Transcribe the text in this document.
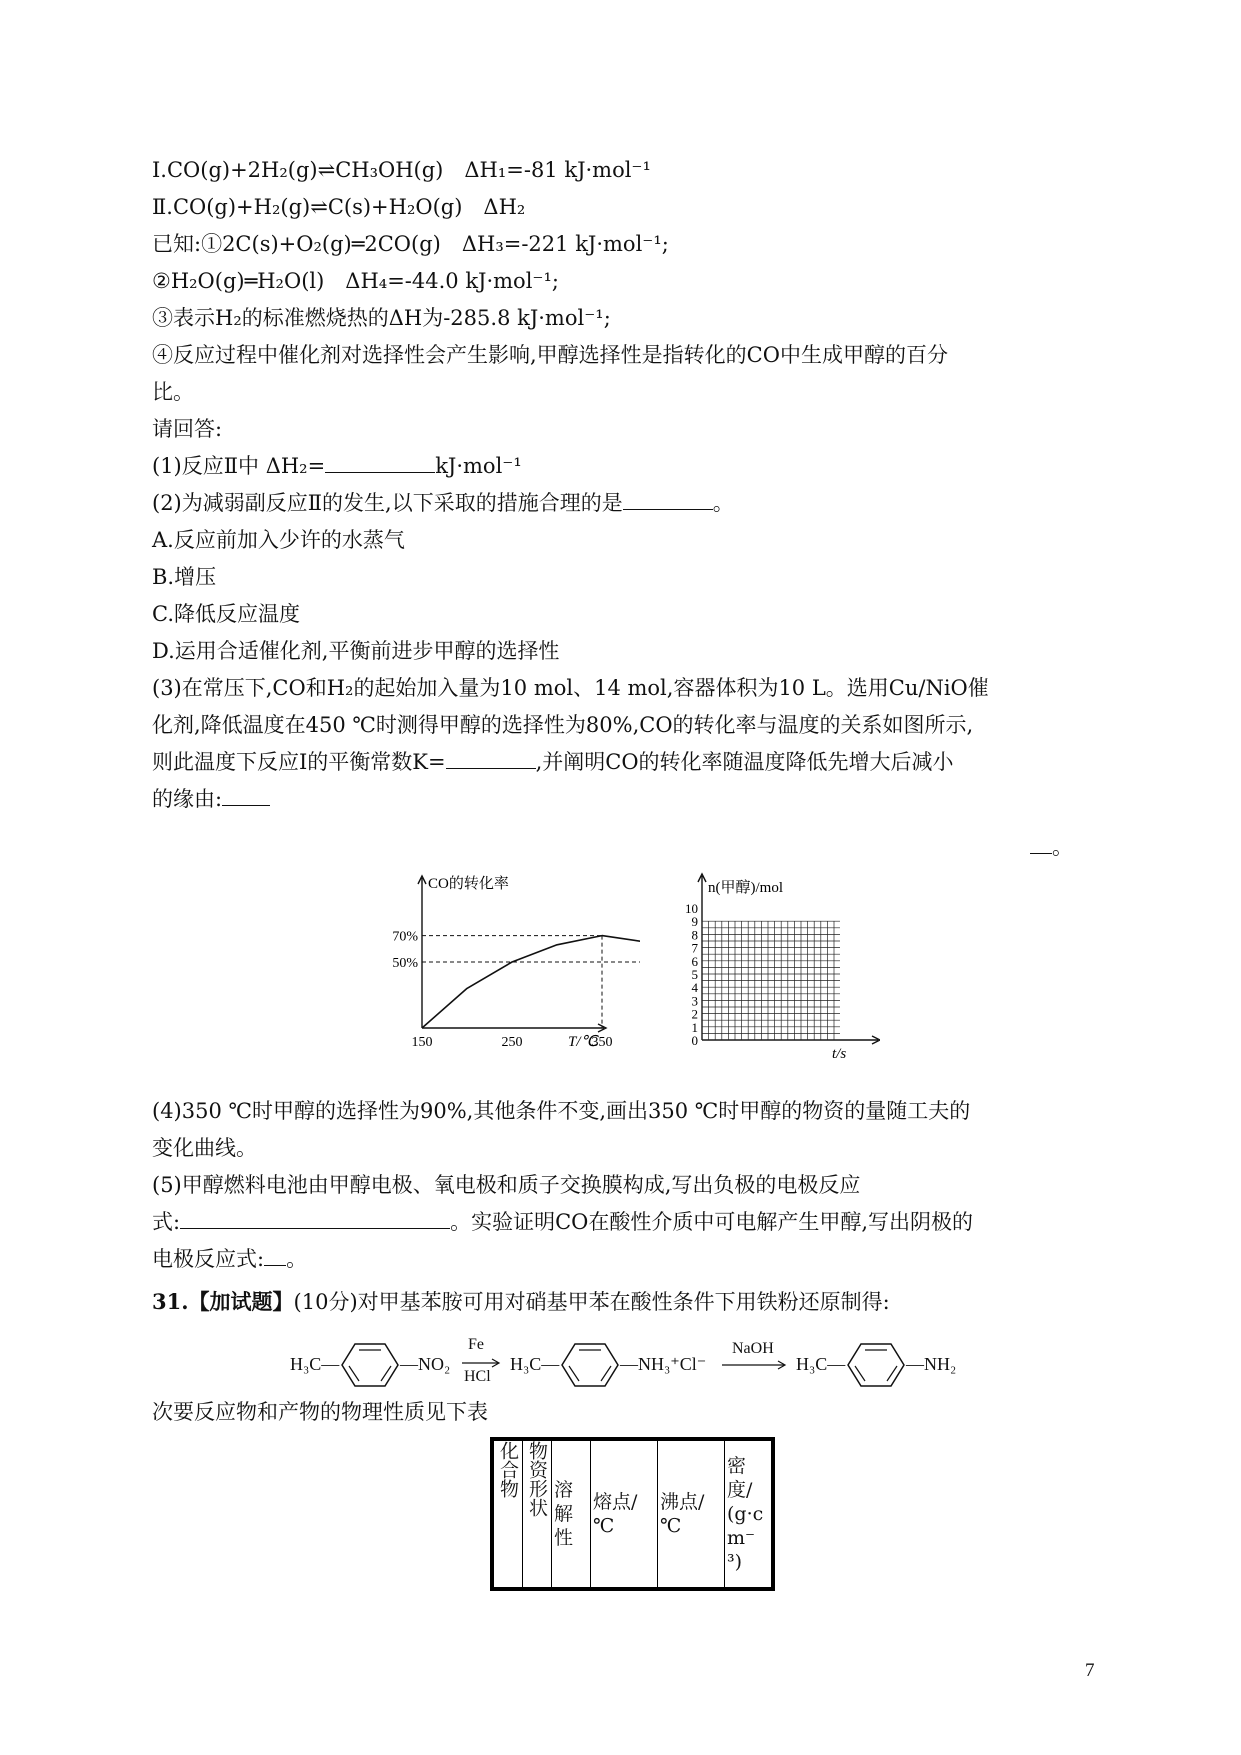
Ⅰ.CO(g)+2H₂(g)⇌CH₃OH(g)　ΔH₁=-81 kJ·mol⁻¹
Ⅱ.CO(g)+H₂(g)⇌C(s)+H₂O(g)　ΔH₂
已知:①2C(s)+O₂(g)═2CO(g)　ΔH₃=-221 kJ·mol⁻¹;
②H₂O(g)═H₂O(l)　ΔH₄=-44.0 kJ·mol⁻¹;
③表示H₂的标准燃烧热的ΔH为-285.8 kJ·mol⁻¹;
④反应过程中催化剂对选择性会产生影响,甲醇选择性是指转化的CO中生成甲醇的百分
比。
请回答:
(1)反应Ⅱ中 ΔH₂=	kJ·mol⁻¹
(2)为减弱副反应Ⅱ的发生,以下采取的措施合理的是	。
A.反应前加入少许的水蒸气
B.增压
C.降低反应温度
D.运用合适催化剂,平衡前进步甲醇的选择性
(3)在常压下,CO和H₂的起始加入量为10 mol、14 mol,容器体积为10 L。选用Cu/NiO催
化剂,降低温度在450 ℃时测得甲醇的选择性为80%,CO的转化率与温度的关系如图所示,
则此温度下反应Ⅰ的平衡常数K=	,并阐明CO的转化率随温度降低先增大后减小
的缘由:
。
CO的转化率
T/℃
150	250	350
50%
70%
n(甲醇)/mol
t/s
0
1
2
3
4
5
6
7
8
9
10
(4)350 ℃时甲醇的选择性为90%,其他条件不变,画出350 ℃时甲醇的物资的量随工夫的
变化曲线。
(5)甲醇燃料电池由甲醇电极、氧电极和质子交换膜构成,写出负极的电极反应
式:	。实验证明CO在酸性介质中可电解产生甲醇,写出阴极的
电极反应式: 。
31.【加试题】(10分)对甲基苯胺可用对硝基甲苯在酸性条件下用铁粉还原制得:
H₃C—	—NO₂
Fe
HCl
H₃C—	—NH₃⁺Cl⁻
NaOH
→ H₃C—	—NH₂
次要反应物和产物的物理性质见下表
化合物	物资形状	溶解性	熔点/℃	沸点/℃	密度/(g·cm⁻³)
7
